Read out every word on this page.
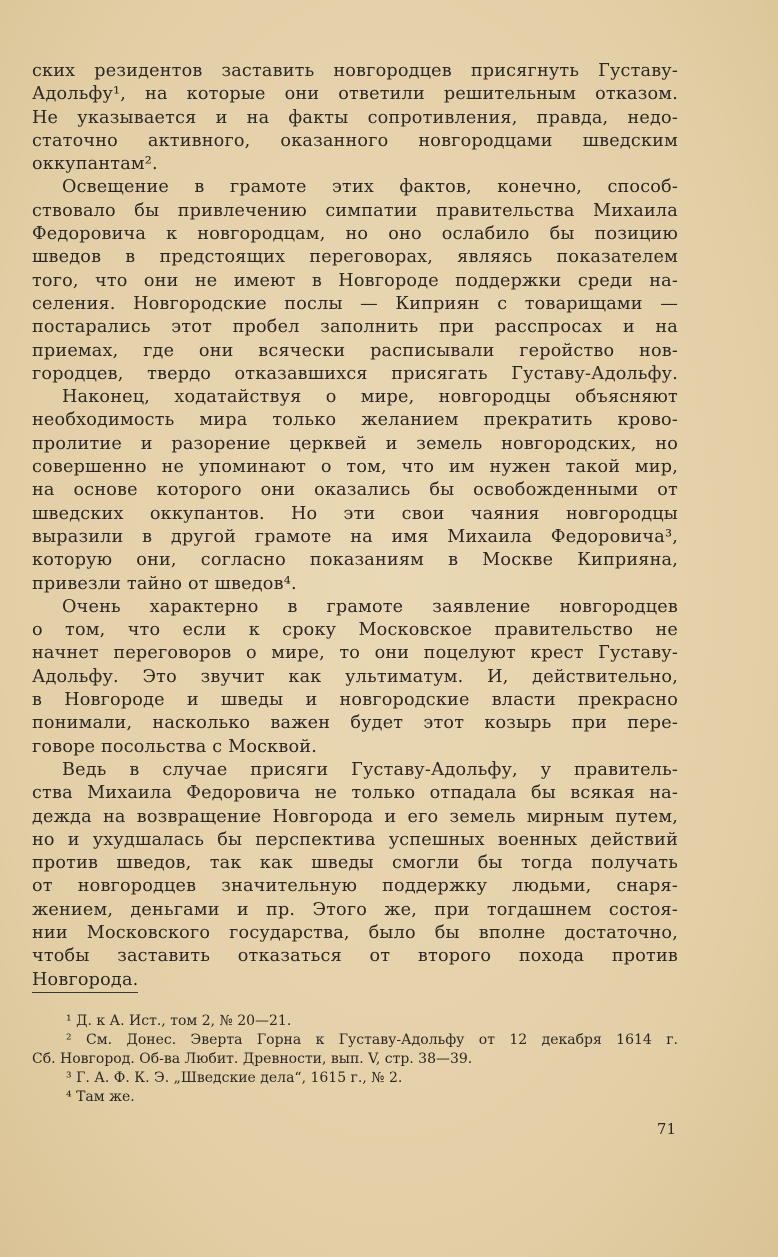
ских резидентов заставить новгородцев присягнуть Густаву-
Адольфу¹, на которые они ответили решительным отказом.
Не указывается и на факты сопротивления, правда, недо-
статочно активного, оказанного новгородцами шведским
оккупантам².
Освещение в грамоте этих фактов, конечно, способ-
ствовало бы привлечению симпатии правительства Михаила
Федоровича к новгородцам, но оно ослабило бы позицию
шведов в предстоящих переговорах, являясь показателем
того, что они не имеют в Новгороде поддержки среди на-
селения. Новгородские послы — Киприян с товарищами —
постарались этот пробел заполнить при расспросах и на
приемах, где они всячески расписывали геройство нов-
городцев, твердо отказавшихся присягать Густаву-Адольфу.
Наконец, ходатайствуя о мире, новгородцы объясняют
необходимость мира только желанием прекратить крово-
пролитие и разорение церквей и земель новгородских, но
совершенно не упоминают о том, что им нужен такой мир,
на основе которого они оказались бы освобожденными от
шведских оккупантов. Но эти свои чаяния новгородцы
выразили в другой грамоте на имя Михаила Федоровича³,
которую они, согласно показаниям в Москве Киприяна,
привезли тайно от шведов⁴.
Очень характерно в грамоте заявление новгородцев
о том, что если к сроку Московское правительство не
начнет переговоров о мире, то они поцелуют крест Густаву-
Адольфу. Это звучит как ультиматум. И, действительно,
в Новгороде и шведы и новгородские власти прекрасно
понимали, насколько важен будет этот козырь при пере-
говоре посольства с Москвой.
Ведь в случае присяги Густаву-Адольфу, у правитель-
ства Михаила Федоровича не только отпадала бы всякая на-
дежда на возвращение Новгорода и его земель мирным путем,
но и ухудшалась бы перспектива успешных военных действий
против шведов, так как шведы смогли бы тогда получать
от новгородцев значительную поддержку людьми, снаря-
жением, деньгами и пр. Этого же, при тогдашнем состоя-
нии Московского государства, было бы вполне достаточно,
чтобы заставить отказаться от второго похода против
Новгорода.
¹ Д. к А. Ист., том 2, № 20—21.
² См. Донес. Эверта Горна к Густаву-Адольфу от 12 декабря 1614 г.
Сб. Новгород. Об-ва Любит. Древности, вып. V, стр. 38—39.
³ Г. А. Ф. К. Э. „Шведские дела“, 1615 г., № 2.
⁴ Там же.
71
